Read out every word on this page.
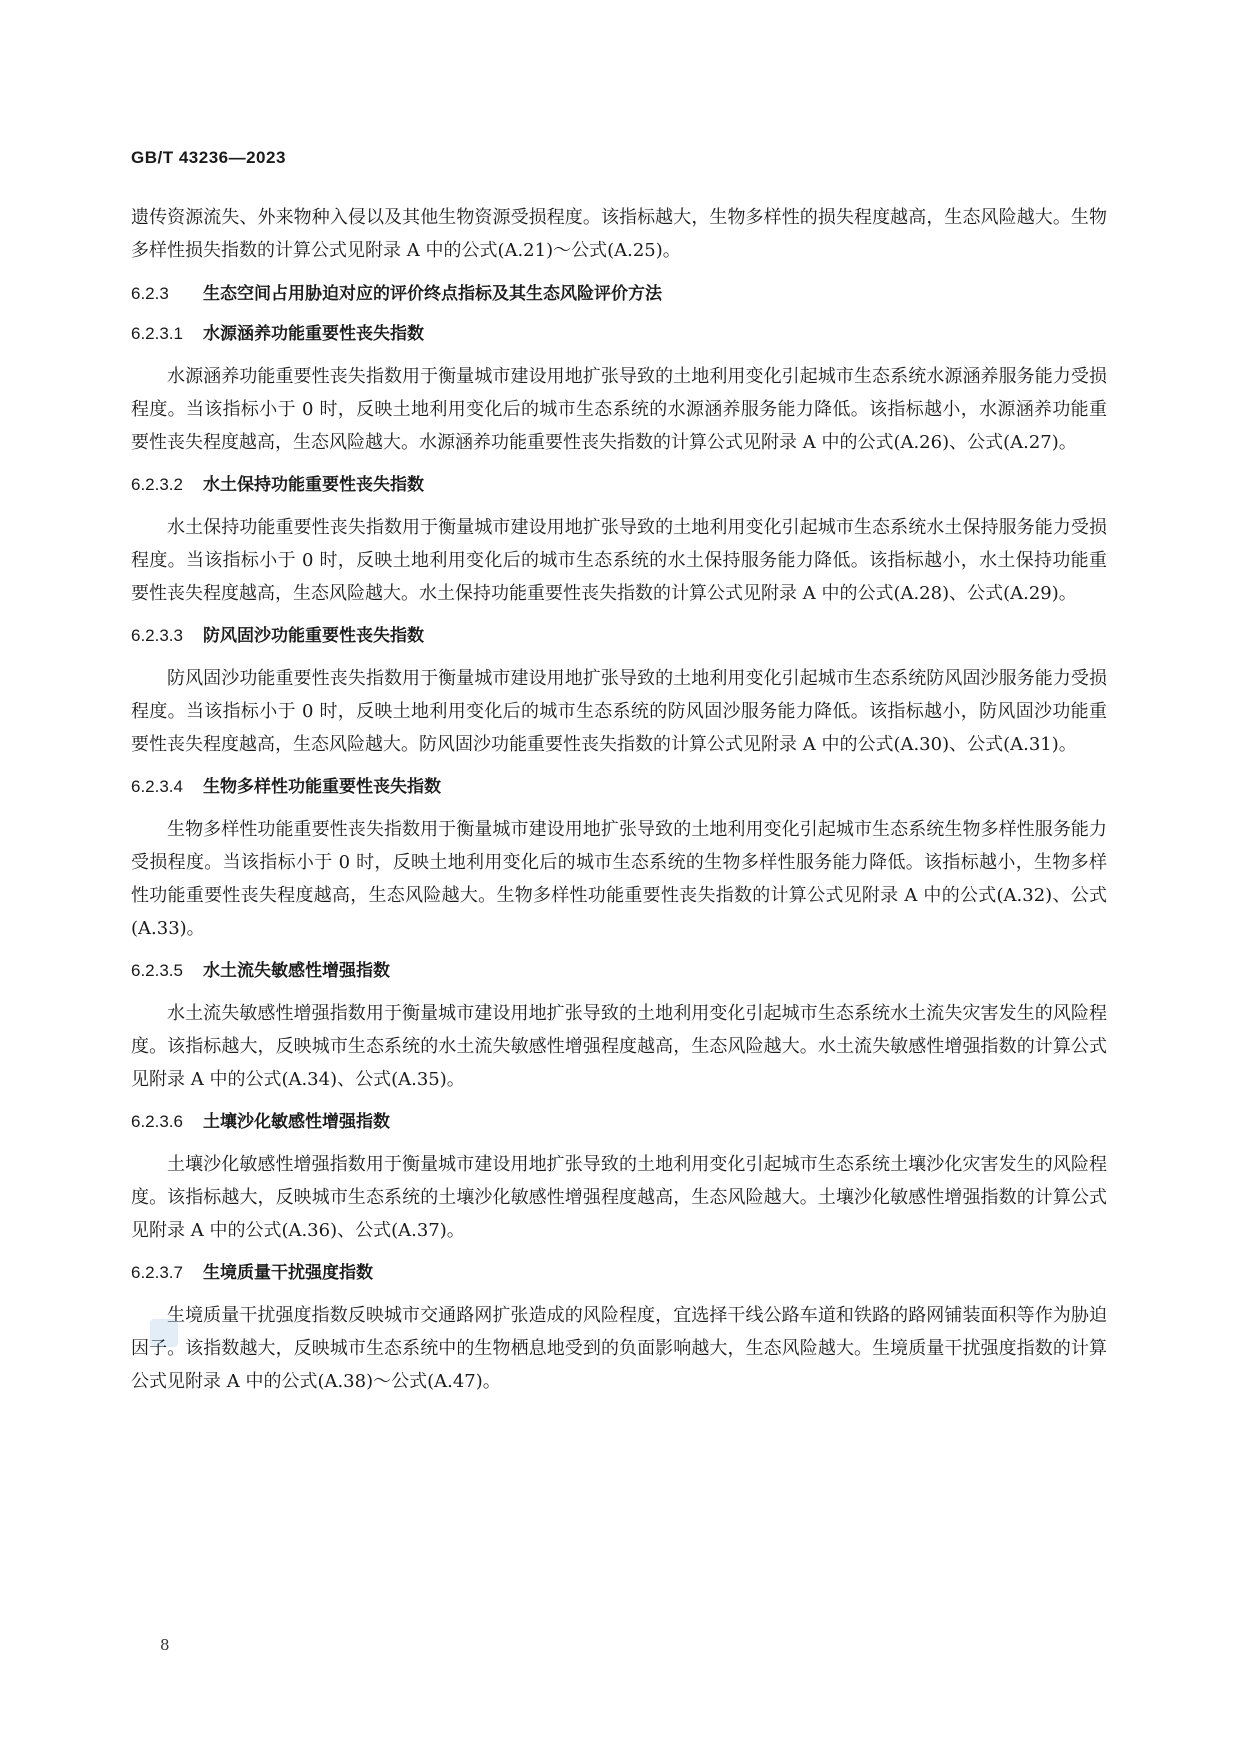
GB/T 43236—2023

遗传资源流失、外来物种入侵以及其他生物资源受损程度。该指标越大，生物多样性的损失程度越高，生态风险越大。生物多样性损失指数的计算公式见附录 A 中的公式(A.21)～公式(A.25)。

6.2.3 生态空间占用胁迫对应的评价终点指标及其生态风险评价方法
6.2.3.1 水源涵养功能重要性丧失指数

水源涵养功能重要性丧失指数用于衡量城市建设用地扩张导致的土地利用变化引起城市生态系统水源涵养服务能力受损程度。当该指标小于 0 时，反映土地利用变化后的城市生态系统的水源涵养服务能力降低。该指标越小，水源涵养功能重要性丧失程度越高，生态风险越大。水源涵养功能重要性丧失指数的计算公式见附录 A 中的公式(A.26)、公式(A.27)。

6.2.3.2 水土保持功能重要性丧失指数

水土保持功能重要性丧失指数用于衡量城市建设用地扩张导致的土地利用变化引起城市生态系统水土保持服务能力受损程度。当该指标小于 0 时，反映土地利用变化后的城市生态系统的水土保持服务能力降低。该指标越小，水土保持功能重要性丧失程度越高，生态风险越大。水土保持功能重要性丧失指数的计算公式见附录 A 中的公式(A.28)、公式(A.29)。

6.2.3.3 防风固沙功能重要性丧失指数

防风固沙功能重要性丧失指数用于衡量城市建设用地扩张导致的土地利用变化引起城市生态系统防风固沙服务能力受损程度。当该指标小于 0 时，反映土地利用变化后的城市生态系统的防风固沙服务能力降低。该指标越小，防风固沙功能重要性丧失程度越高，生态风险越大。防风固沙功能重要性丧失指数的计算公式见附录 A 中的公式(A.30)、公式(A.31)。

6.2.3.4 生物多样性功能重要性丧失指数

生物多样性功能重要性丧失指数用于衡量城市建设用地扩张导致的土地利用变化引起城市生态系统生物多样性服务能力受损程度。当该指标小于 0 时，反映土地利用变化后的城市生态系统的生物多样性服务能力降低。该指标越小，生物多样性功能重要性丧失程度越高，生态风险越大。生物多样性功能重要性丧失指数的计算公式见附录 A 中的公式(A.32)、公式(A.33)。

6.2.3.5 水土流失敏感性增强指数

水土流失敏感性增强指数用于衡量城市建设用地扩张导致的土地利用变化引起城市生态系统水土流失灾害发生的风险程度。该指标越大，反映城市生态系统的水土流失敏感性增强程度越高，生态风险越大。水土流失敏感性增强指数的计算公式见附录 A 中的公式(A.34)、公式(A.35)。

6.2.3.6 土壤沙化敏感性增强指数

土壤沙化敏感性增强指数用于衡量城市建设用地扩张导致的土地利用变化引起城市生态系统土壤沙化灾害发生的风险程度。该指标越大，反映城市生态系统的土壤沙化敏感性增强程度越高，生态风险越大。土壤沙化敏感性增强指数的计算公式见附录 A 中的公式(A.36)、公式(A.37)。

6.2.3.7 生境质量干扰强度指数

生境质量干扰强度指数反映城市交通路网扩张造成的风险程度，宜选择干线公路车道和铁路的路网铺装面积等作为胁迫因子。该指数越大，反映城市生态系统中的生物栖息地受到的负面影响越大，生态风险越大。生境质量干扰强度指数的计算公式见附录 A 中的公式(A.38)～公式(A.47)。

8
